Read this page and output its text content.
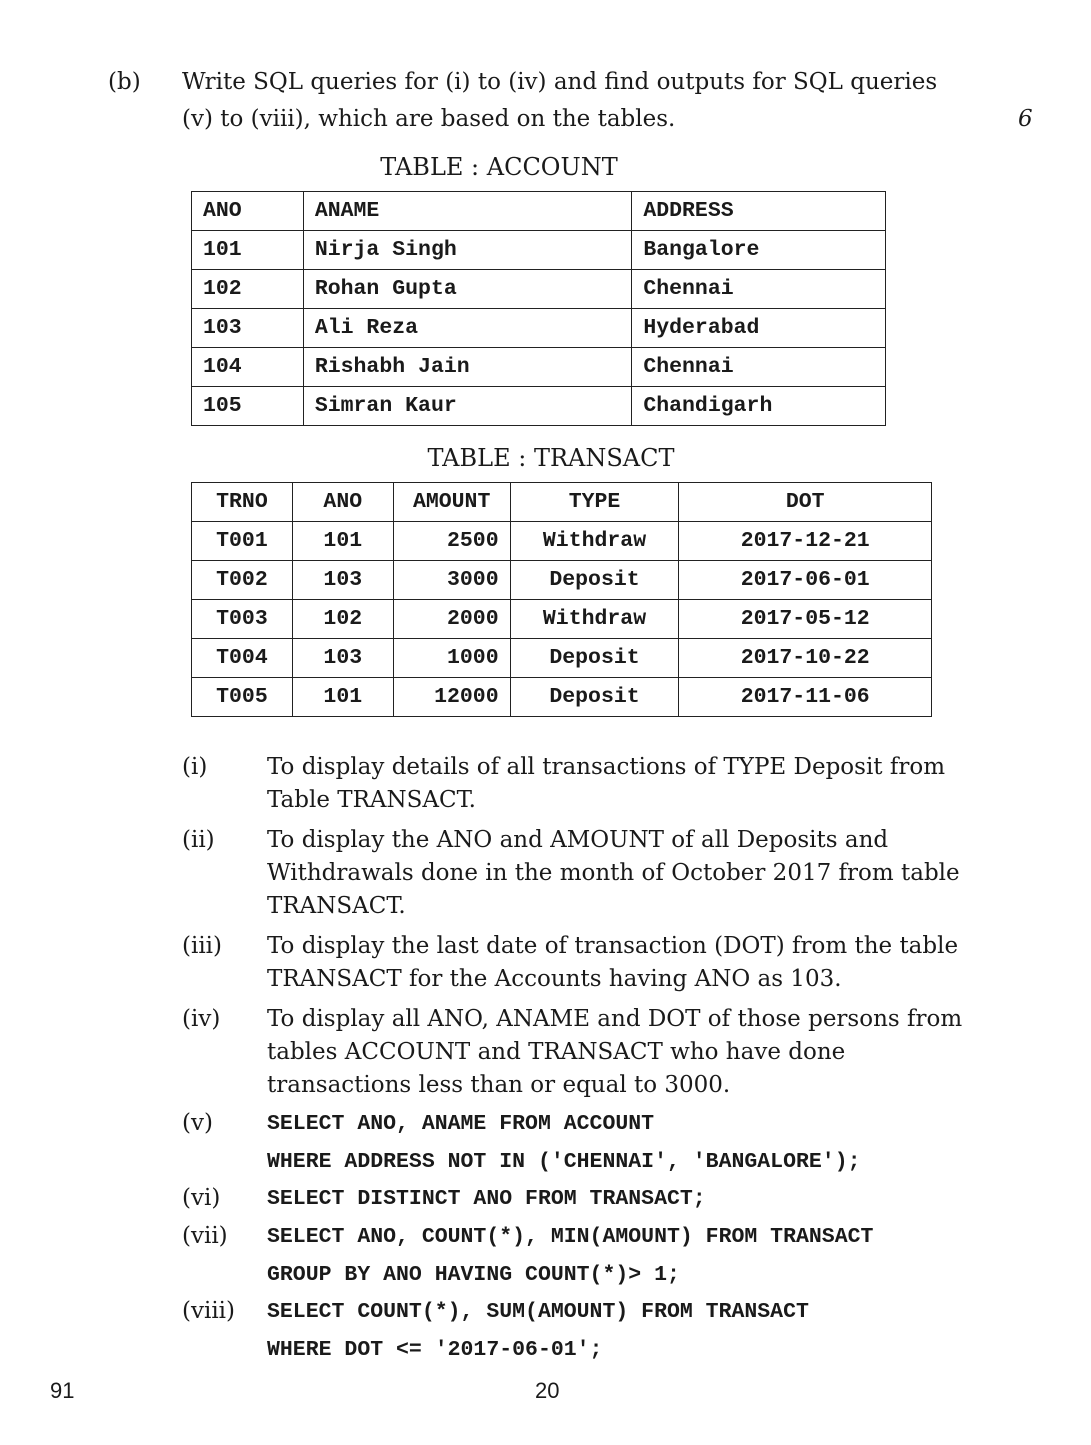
(b) Write SQL queries for (i) to (iv) and find outputs for SQL queries
(v) to (viii), which are based on the tables.	6
TABLE : ACCOUNT
ANO	ANAME	ADDRESS
101	Nirja Singh	Bangalore
102	Rohan Gupta	Chennai
103	Ali Reza	Hyderabad
104	Rishabh Jain	Chennai
105	Simran Kaur	Chandigarh
TABLE : TRANSACT
TRNO	ANO	AMOUNT	TYPE	DOT
T001	101	2500	Withdraw	2017-12-21
T002	103	3000	Deposit	2017-06-01
T003	102	2000	Withdraw	2017-05-12
T004	103	1000	Deposit	2017-10-22
T005	101	12000	Deposit	2017-11-06
(i)	To display details of all transactions of TYPE Deposit from
Table TRANSACT.
(ii) To display the ANO and AMOUNT of all Deposits and
Withdrawals done in the month of October 2017 from table
TRANSACT.
(iii) To display the last date of transaction (DOT) from the table
TRANSACT for the Accounts having ANO as 103.
(iv) To display all ANO, ANAME and DOT of those persons from
tables ACCOUNT and TRANSACT who have done
transactions less than or equal to 3000.
(v)	SELECT ANO, ANAME FROM ACCOUNT
WHERE ADDRESS NOT IN ('CHENNAI', 'BANGALORE');
(vi) SELECT DISTINCT ANO FROM TRANSACT;
(vii) SELECT ANO, COUNT(*), MIN(AMOUNT) FROM TRANSACT
GROUP BY ANO HAVING COUNT(*)> 1;
(viii) SELECT COUNT(*), SUM(AMOUNT) FROM TRANSACT
WHERE DOT <= '2017-06-01';
91	20
